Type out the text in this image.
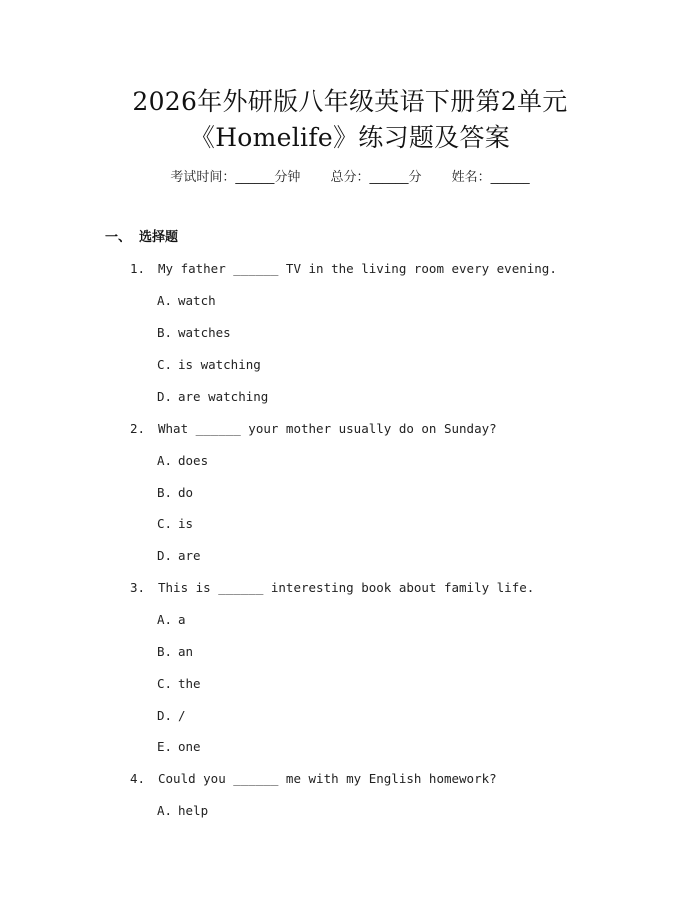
2026年外研版八年级英语下册第2单元
《Homelife》练习题及答案
考试时间：______分钟 总分：______分 姓名：______
一、 选择题
1. My father ______ TV in the living room every evening.
A. watch
B. watches
C. is watching
D. are watching
2. What ______ your mother usually do on Sunday?
A. does
B. do
C. is
D. are
3. This is ______ interesting book about family life.
A. a
B. an
C. the
D. /
E. one
4. Could you ______ me with my English homework?
A. help
